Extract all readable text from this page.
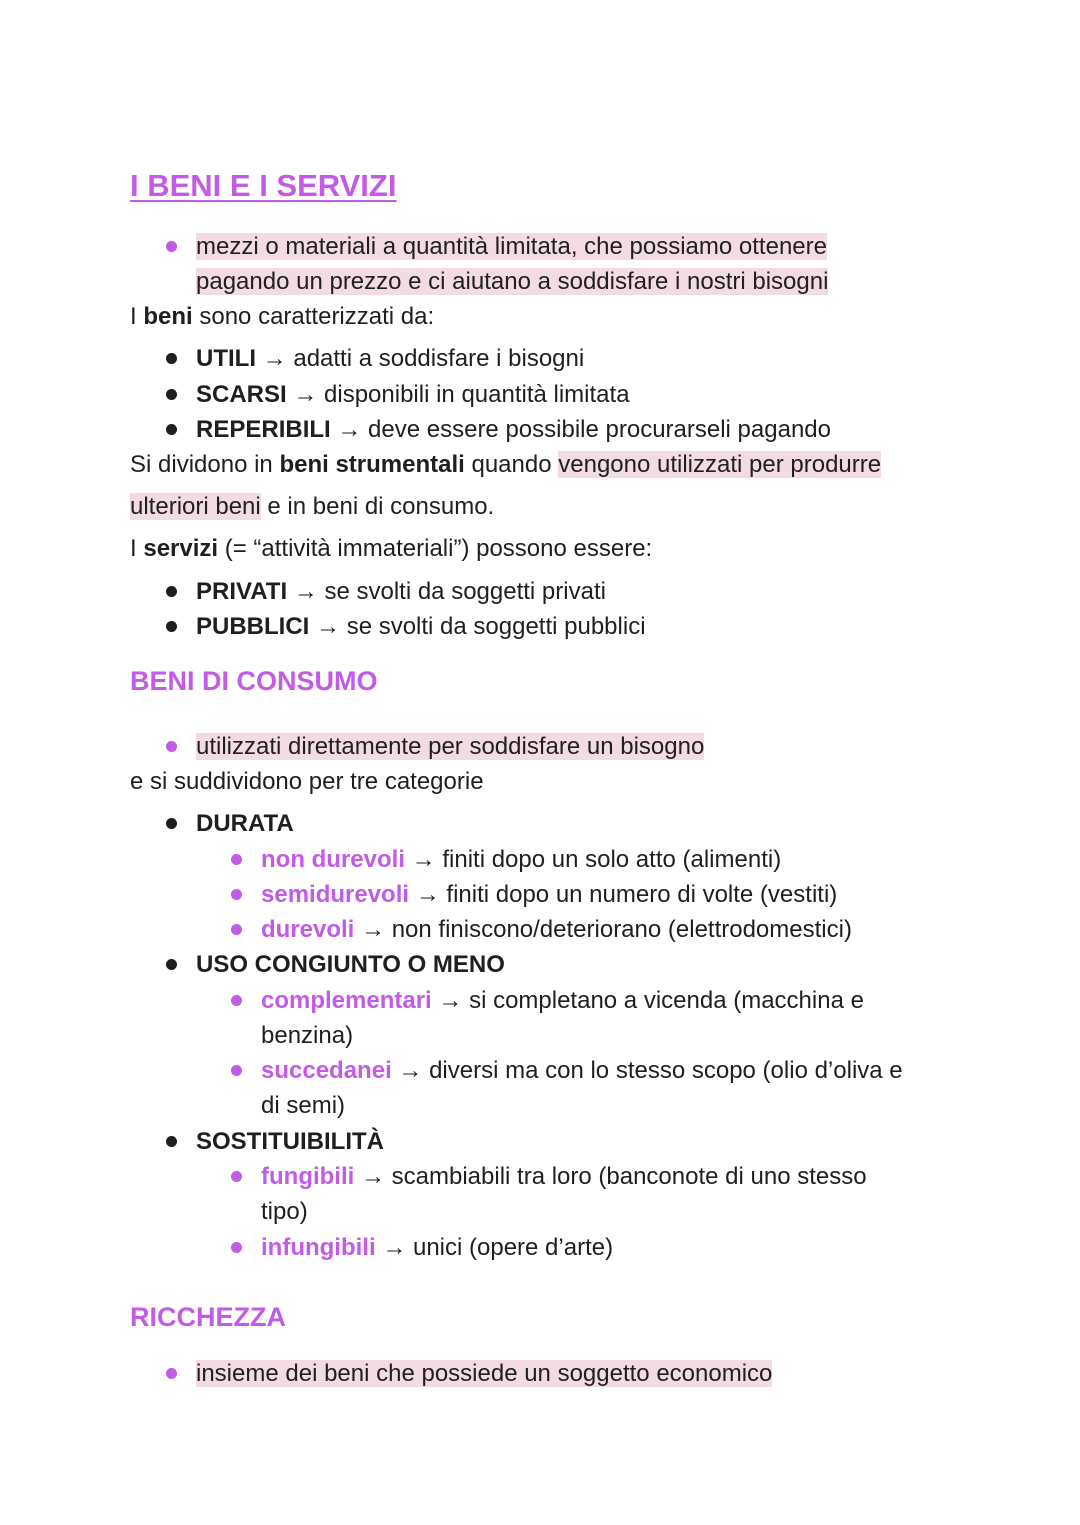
I BENI E I SERVIZI
mezzi o materiali a quantità limitata, che possiamo ottenere
pagando un prezzo e ci aiutano a soddisfare i nostri bisogni
I beni sono caratterizzati da:
UTILI → adatti a soddisfare i bisogni
SCARSI → disponibili in quantità limitata
REPERIBILI → deve essere possibile procurarseli pagando
Si dividono in beni strumentali quando vengono utilizzati per produrre
ulteriori beni e in beni di consumo.
I servizi (= “attività immateriali”) possono essere:
PRIVATI → se svolti da soggetti privati
PUBBLICI → se svolti da soggetti pubblici
BENI DI CONSUMO
utilizzati direttamente per soddisfare un bisogno
e si suddividono per tre categorie
DURATA
non durevoli → finiti dopo un solo atto (alimenti)
semidurevoli → finiti dopo un numero di volte (vestiti)
durevoli → non finiscono/deteriorano (elettrodomestici)
USO CONGIUNTO O MENO
complementari → si completano a vicenda (macchina e
benzina)
succedanei → diversi ma con lo stesso scopo (olio d’oliva e
di semi)
SOSTITUIBILITÀ
fungibili → scambiabili tra loro (banconote di uno stesso
tipo)
infungibili → unici (opere d’arte)
RICCHEZZA
insieme dei beni che possiede un soggetto economico
